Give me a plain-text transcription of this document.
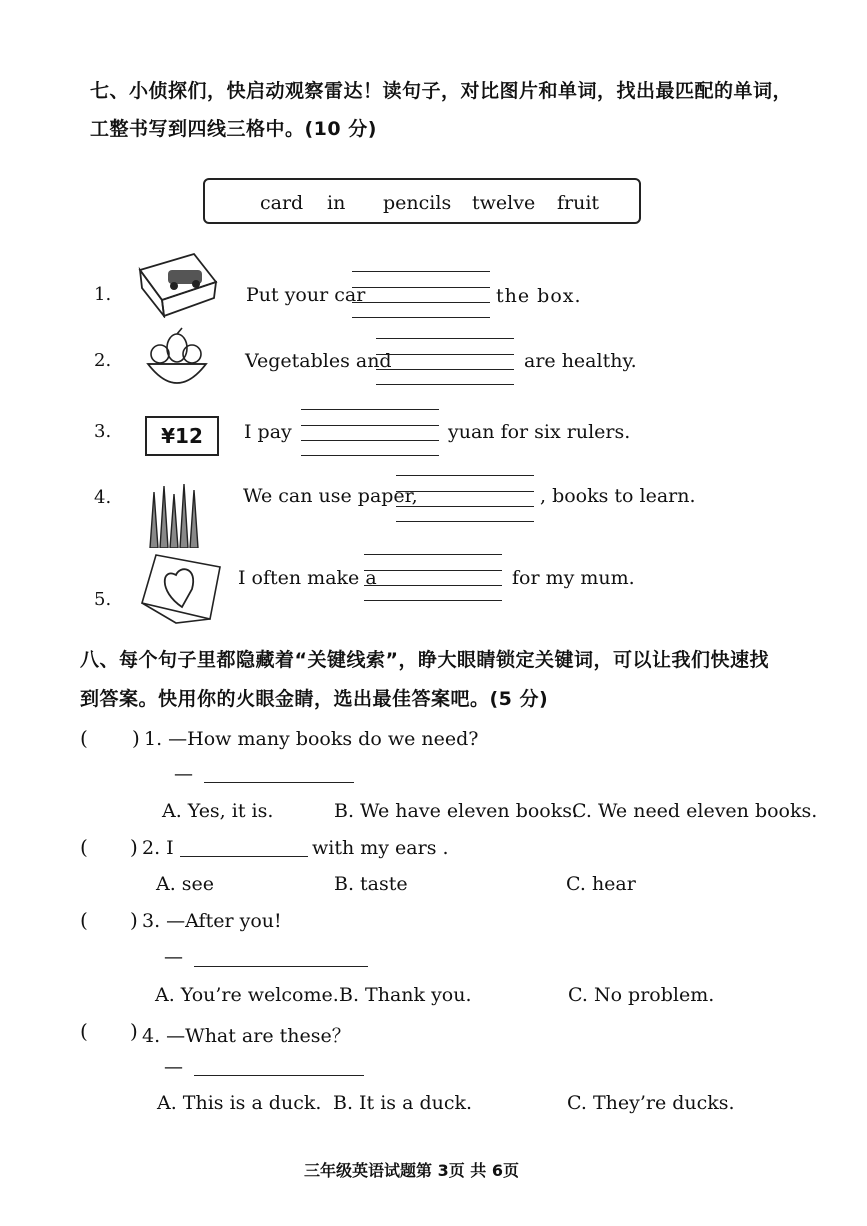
七、小侦探们，快启动观察雷达！读句子，对比图片和单词，找出最匹配的单词，
工整书写到四线三格中。(10 分)
card in pencils twelve fruit
1.	Put your car	the box.
2.	Vegetables and	are healthy.
3.	¥12	I pay	yuan for six rulers.
4.	We can use paper,	, books to learn.
5.
I often make a	for my mum.
八、每个句子里都隐藏着“关键线索”，睁大眼睛锁定关键词，可以让我们快速找
到答案。快用你的火眼金睛，选出最佳答案吧。(5 分)
( ) 1. —How many books do we need?
—
A. Yes, it is.	B. We have eleven books.
C. We need eleven books.
( ) 2. I	with my ears .
A. see	B. taste	C. hear
( ) 3. —After you!
—
A. You’re welcome. B. Thank you.	C. No problem.
( ) 4. —What are these？
—
A. This is a duck. B. It is a duck.	C. They’re ducks.
三年级英语试题第 3页 共 6页
